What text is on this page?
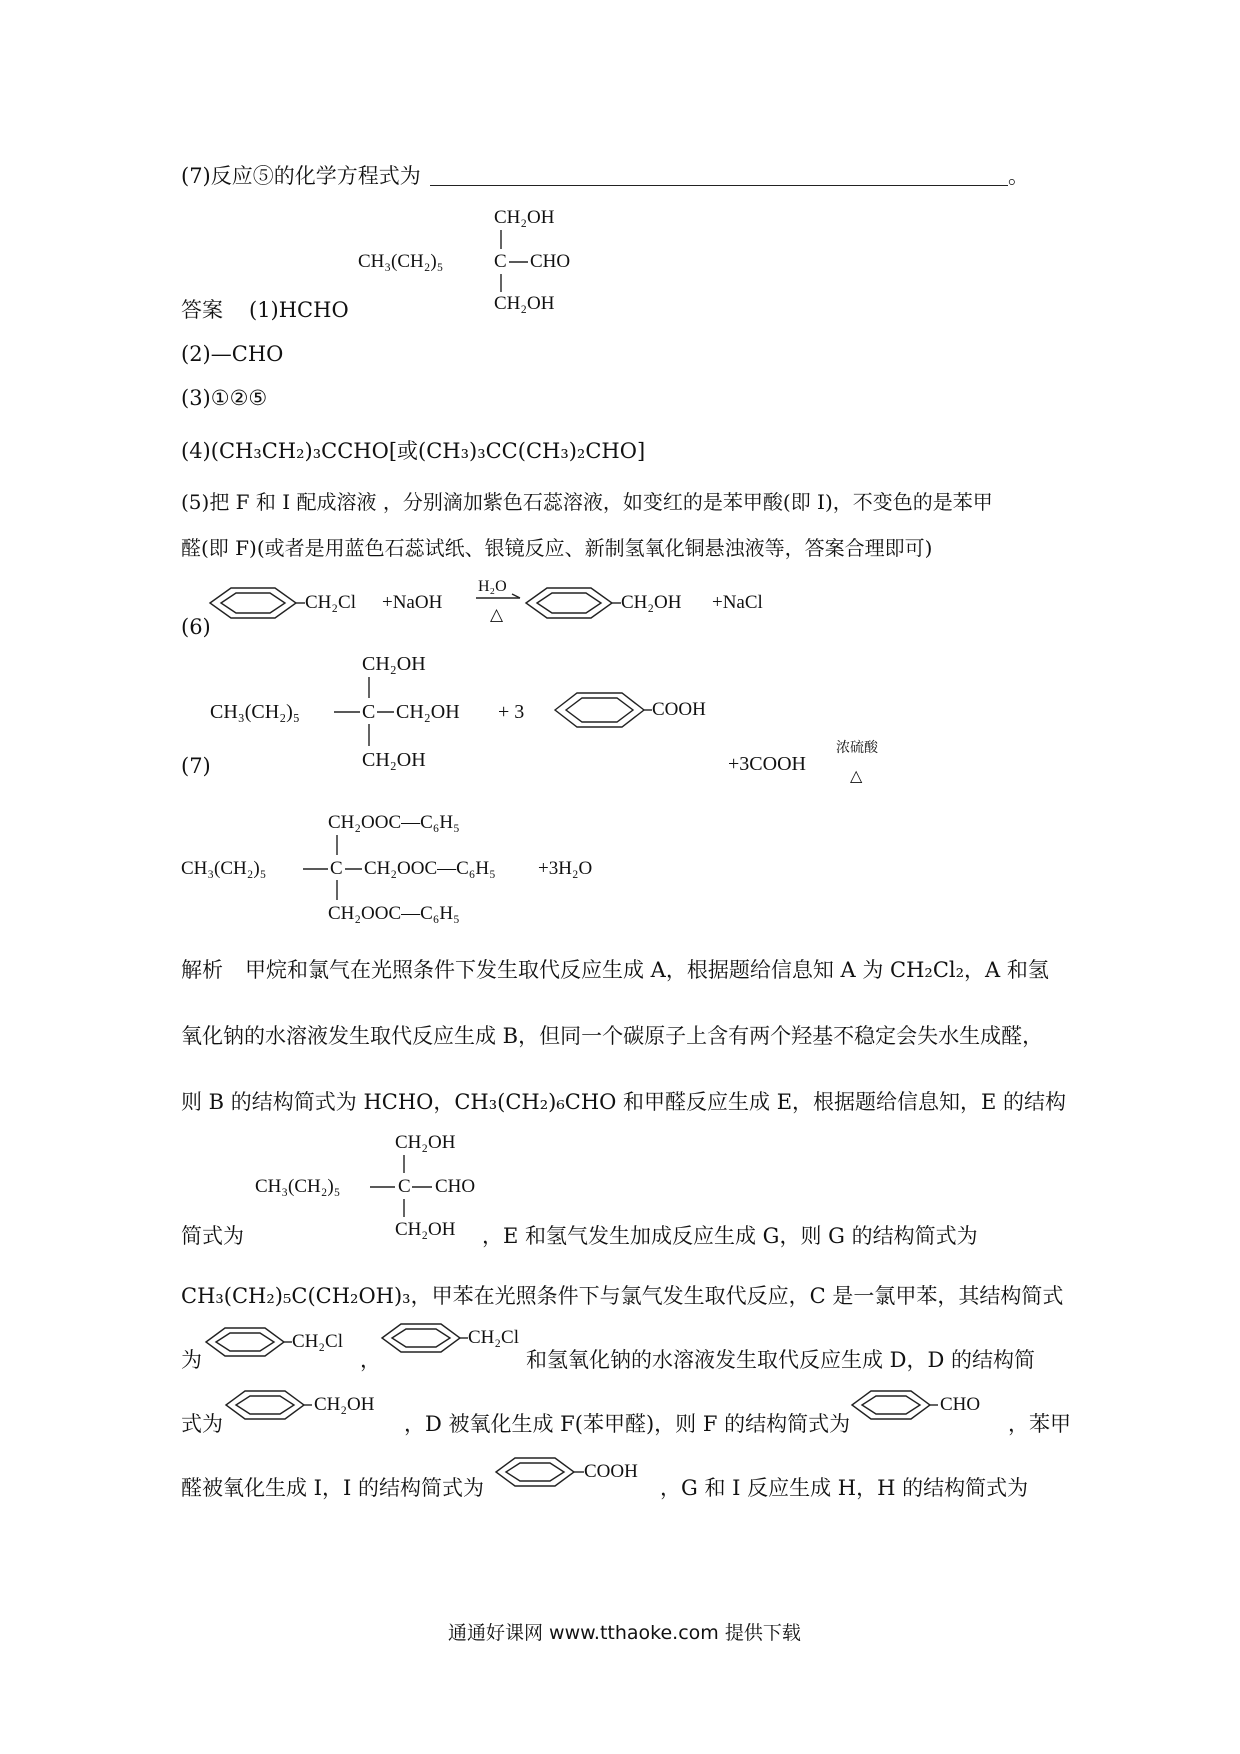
(7)反应⑤的化学方程式为	。
CH₂OH
CH₃(CH₂)₅	C CHO
CH₂OH
答案 (1)HCHO
(2)—CHO
(3)①②⑤
(4)(CH₃CH₂)₃CCHO[或(CH₃)₃CC(CH₃)₂CHO]
(5)把 F 和 I 配成溶液 ，分别滴加紫色石蕊溶液，如变红的是苯甲酸(即 I)，不变色的是苯甲
醛(即 F)(或者是用蓝色石蕊试纸、银镜反应、新制氢氧化铜悬浊液等，答案合理即可)
(6)
CH₂Cl +NaOH
H₂O
△
CH₂OH +NaCl
(7)
CH₂OH
CH₃(CH₂)₅	C CH₂OH
CH₂OH
+ 3	COOH
+3COOH
浓硫酸
△
CH₂OOC—C₆H₅
CH₃(CH₂)₅	C CH₂OOC—C₆H₅
CH₂OOC—C₆H₅
+3H₂O
解析 甲烷和氯气在光照条件下发生取代反应生成 A，根据题给信息知 A 为 CH₂Cl₂，A 和氢
氧化钠的水溶液发生取代反应生成 B，但同一个碳原子上含有两个羟基不稳定会失水生成醛，
则 B 的结构简式为 HCHO，CH₃(CH₂)₆CHO 和甲醛反应生成 E，根据题给信息知，E 的结构
CH₂OH
CH₃(CH₂)₅	C CHO
CH₂OH
简式为	，E 和氢气发生加成反应生成 G，则 G 的结构简式为
CH₃(CH₂)₅C(CH₂OH)₃，甲苯在光照条件下与氯气发生取代反应，C 是一氯甲苯，其结构简式
为
CH₂Cl
，
CH₂Cl
和氢氧化钠的水溶液发生取代反应生成 D，D 的结构简
式为
CH₂OH
，D 被氧化生成 F(苯甲醛)，则 F 的结构简式为
CHO
，苯甲
醛被氧化生成 I，I 的结构简式为
COOH
，G 和 I 反应生成 H，H 的结构简式为
通通好课网 www.tthaoke.com 提供下载
